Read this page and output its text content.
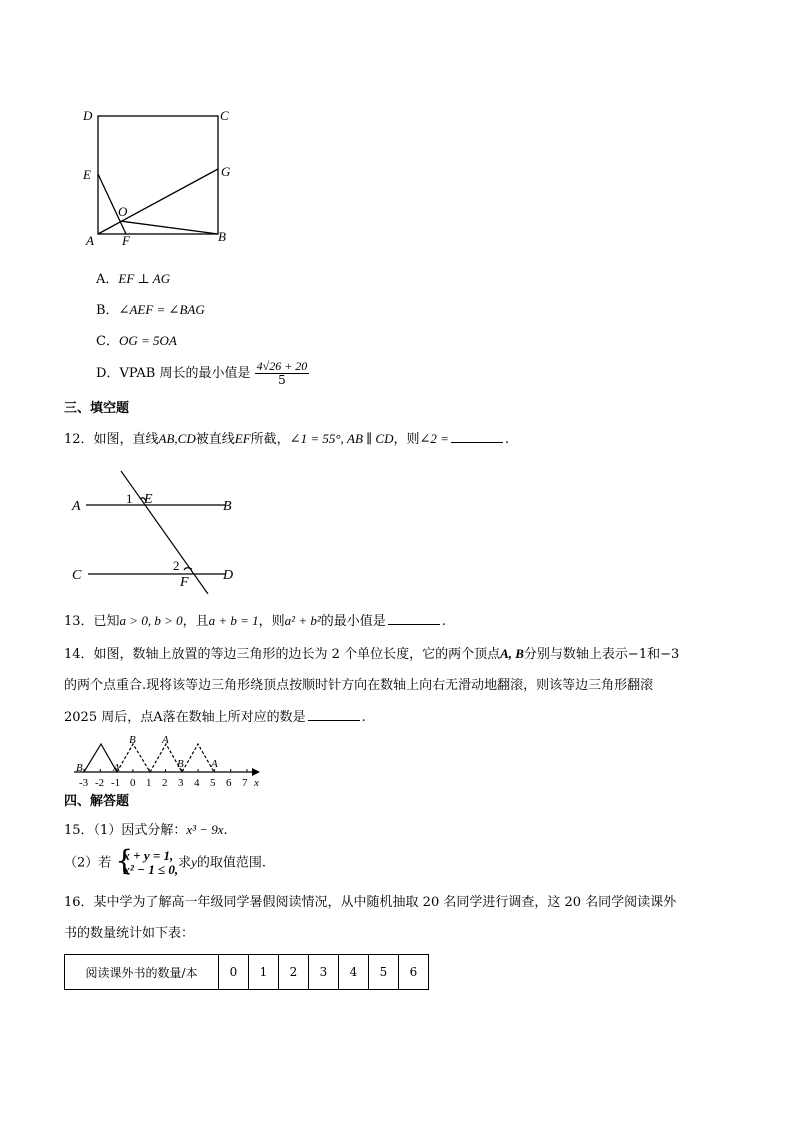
D	C
E	G
O
A F	B
A．EF ⊥ AG
B．∠AEF = ∠BAG
C．OG = 5OA
D．VPAB 周长的最小值是 $\frac{4√26 + 20}{5}$
三、填空题
12．如图，直线AB,CD被直线EF所截，∠1 = 55°, AB ∥ CD，则∠2 =	.
A	B
C	D
E
F
1
2
13．已知a > 0, b > 0，且a + b = 1，则a² + b²的最小值是	.
14．如图，数轴上放置的等边三角形的边长为 2 个单位长度，它的两个顶点A, B分别与数轴上表示−1和−3
的两个点重合.现将该等边三角形绕顶点按顺时针方向在数轴上向右无滑动地翻滚，则该等边三角形翻滚
2025 周后，点A落在数轴上所对应的数是	.
B	A
B A
B A
-3 -2 -1 0 1 2 3 4 5 6 7 x
四、解答题
15．（1）因式分解：x³ − 9x.
（2）若 {
x + y = 1,
x² − 1 ≤ 0, 求y的取值范围.
16．某中学为了解高一年级同学暑假阅读情况，从中随机抽取 20 名同学进行调查，这 20 名同学阅读课外
书的数量统计如下表：
阅读课外书的数量/本	0	1	2	3	4	5	6
